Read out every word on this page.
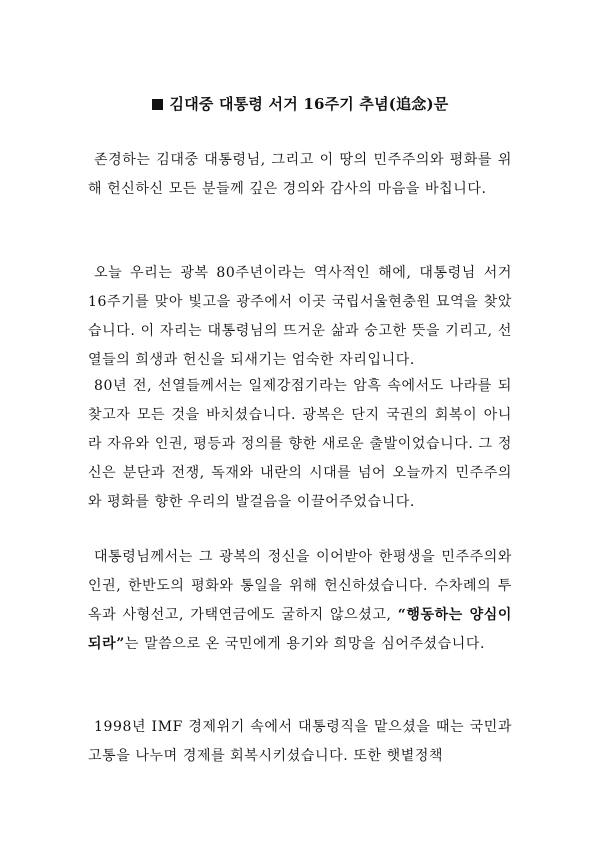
김대중 대통령 서거 16주기 추념(追念)문

존경하는 김대중 대통령님, 그리고 이 땅의 민주주의와 평화를 위해 헌신하신 모든 분들께 깊은 경의와 감사의 마음을 바칩니다.

오늘 우리는 광복 80주년이라는 역사적인 해에, 대통령님 서거 16주기를 맞아 빛고을 광주에서 이곳 국립서울현충원 묘역을 찾았습니다. 이 자리는 대통령님의 뜨거운 삶과 숭고한 뜻을 기리고, 선열들의 희생과 헌신을 되새기는 엄숙한 자리입니다.

80년 전, 선열들께서는 일제강점기라는 암흑 속에서도 나라를 되찾고자 모든 것을 바치셨습니다. 광복은 단지 국권의 회복이 아니라 자유와 인권, 평등과 정의를 향한 새로운 출발이었습니다. 그 정신은 분단과 전쟁, 독재와 내란의 시대를 넘어 오늘까지 민주주의와 평화를 향한 우리의 발걸음을 이끌어주었습니다.

대통령님께서는 그 광복의 정신을 이어받아 한평생을 민주주의와 인권, 한반도의 평화와 통일을 위해 헌신하셨습니다. 수차례의 투옥과 사형선고, 가택연금에도 굴하지 않으셨고, “행동하는 양심이 되라”는 말씀으로 온 국민에게 용기와 희망을 심어주셨습니다.

1998년 IMF 경제위기 속에서 대통령직을 맡으셨을 때는 국민과 고통을 나누며 경제를 회복시키셨습니다. 또한 햇볕정책
